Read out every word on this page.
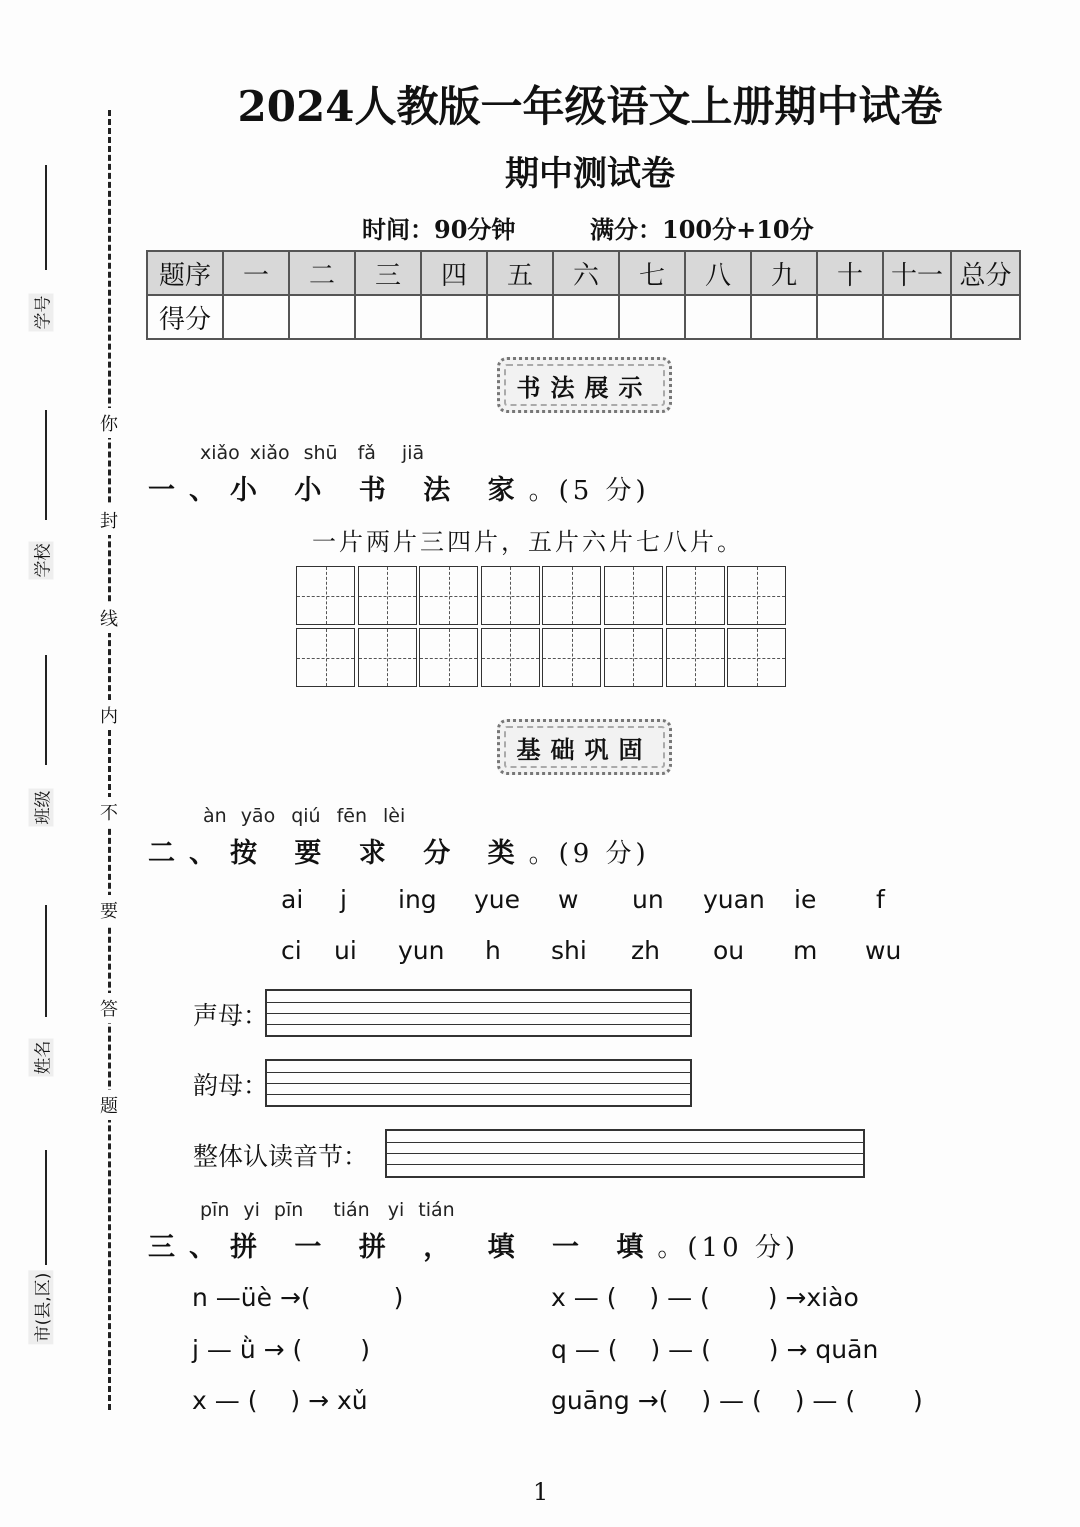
你
封
线
内
不
要
答
题
学号
学校
班级
姓名
市(县,区)
2024人教版一年级语文上册期中试卷
期中测试卷
时间：90分钟	满分：100分+10分
题序	一	二	三	四	五	六	七	八	九	十	十一	总分
得分												
书法展示
xiǎo xiǎo shū fǎ jiā
一、小 小 书 法 家。(5 分)
一片两片三四片，五片六片七八片。
基础巩固
àn yāo qiú fēn lèi
二、按 要 求 分 类。(9 分)
ai j ing yue w un yuan ie f
ci ui yun h shi zh ou m wu
声母：
韵母：
整体认读音节：
pīn yi pīn tián yi tián
三、拼 一 拼 ， 填 一 填。(10 分)
n —üè →(　　　 )
j — ǜ → (　　 )
x — (　 ) → xǔ
x — (　 ) — (　　 ) →xiào
q — (　 ) — (　　 ) → quān
guāng →(　 ) — (　 ) — (　　 )
1
